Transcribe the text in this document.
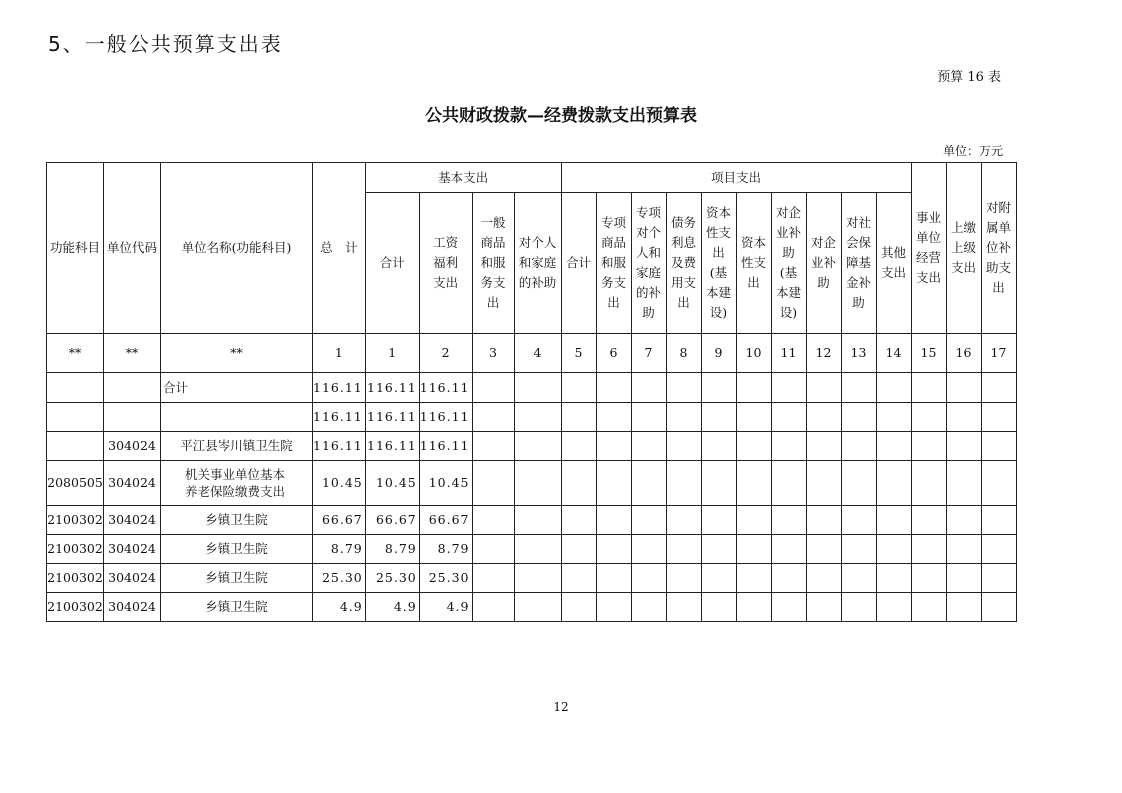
5、一般公共预算支出表
预算 16 表
公共财政拨款—经费拨款支出预算表
单位：万元
功能科目	单位代码	单位名称(功能科目)	总　计	基本支出				项目支出										事业单位经营支出	上缴上级支出	对附属单位补助支出
				合计	工资福利支出	一般商品和服务支出	对个人和家庭的补助	合计	专项商品和服务支出	专项对个人和家庭的补助	债务利息及费用支出	资本性支出(基本建设)	资本性支出	对企业补助(基本建设)	对企业补助	对社会保障基金补助	其他支出			
**	**	**	1	1	2	3	4	5	6	7	8	9	10	11	12	13	14	15	16	17
		合计	116.11	116.11	116.11															
			116.11	116.11	116.11															
	304024	平江县岑川镇卫生院	116.11	116.11	116.11															
2080505	304024	机关事业单位基本养老保险缴费支出	10.45	10.45	10.45															
2100302	304024	乡镇卫生院	66.67	66.67	66.67															
2100302	304024	乡镇卫生院	8.79	8.79	8.79															
2100302	304024	乡镇卫生院	25.30	25.30	25.30															
2100302	304024	乡镇卫生院	4.9	4.9	4.9															
12
